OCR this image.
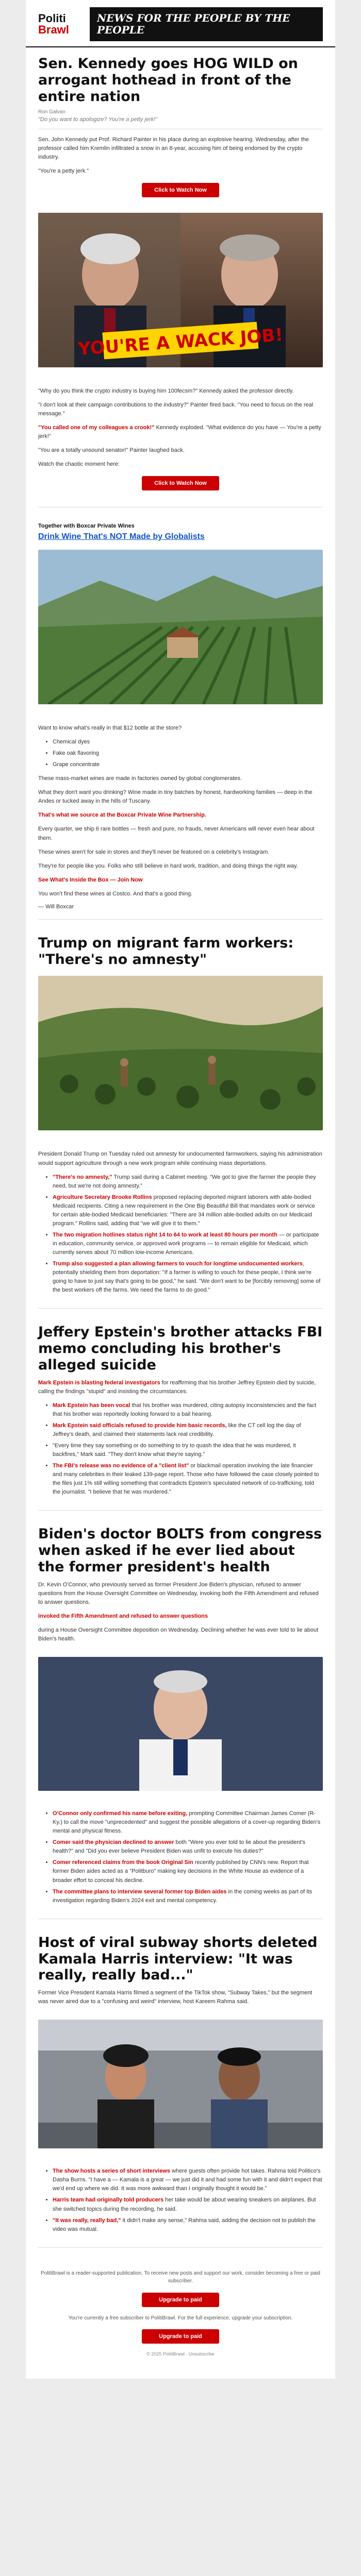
Politi
Brawl
NEWS FOR THE PEOPLE BY THE PEOPLE
Sen. Kennedy goes HOG WILD on arrogant hothead in front of the entire nation
Ron Galvan
"Do you want to apologize? You're a petty jerk!"

Sen. John Kennedy put Prof. Richard Painter in his place during an explosive hearing. Wednesday, after the professor called him Kremlin infiltrated a snow in an 8-year, accusing him of being endorsed by the crypto industry.

"You're a petty jerk."

Click to Watch Now
YOU'RE A WACK JOB!

"Why do you think the crypto industry is buying him 100fecsm?" Kennedy asked the professor directly.

"I don't look at their campaign contributions to the industry?" Painter fired back. "You need to focus on the real message."

"You called one of my colleagues a crook!" Kennedy exploded. "What evidence do you have — You're a petty jerk!"

"You are a totally unsound senator!" Painter laughed back.

Watch the chaotic moment here:

Click to Watch Now
Together with Boxcar Private Wines
Drink Wine That's NOT Made by Globalists

Want to know what's really in that $12 bottle at the store?

• Chemical dyes
• Fake oak flavoring
• Grape concentrate

These mass-market wines are made in factories owned by global conglomerates.

What they don't want you drinking? Wine made in tiny batches by honest, hardworking families — deep in the Andes or tucked away in the hills of Tuscany.

That's what we source at the Boxcar Private Wine Partnership.

Every quarter, we ship 6 rare bottles — fresh and pure, no frauds, never Americans will never even hear about them.

These wines aren't for sale in stores and they'll never be featured on a celebrity's Instagram.

They're for people like you. Folks who still believe in hard work, tradition, and doing things the right way.

See What's Inside the Box — Join Now

You won't find these wines at Costco. And that's a good thing.

— Will Boxcar
Trump on migrant farm workers: "There's no amnesty"

President Donald Trump on Tuesday ruled out amnesty for undocumented farmworkers, saying his administration would support agriculture through a new work program while continuing mass deportations.

• "There's no amnesty," Trump said during a Cabinet meeting. "We got to give the farmer the people they need, but we're not doing amnesty."
• Agriculture Secretary Brooke Rollins proposed replacing deported migrant laborers with able-bodied Medicaid recipients. Citing a new requirement in the One Big Beautiful Bill that mandates work or service for certain able-bodied Medicaid beneficiaries: "There are 34 million able-bodied adults on our Medicaid program." Rollins said, adding that "we will give it to them."
• The two migration hotlines status right 14 to 64 to work at least 80 hours per month — or participate in education, community service, or approved work programs — to remain eligible for Medicaid, which currently serves about 70 million low-income Americans.
• Trump also suggested a plan allowing farmers to vouch for longtime undocumented workers, potentially shielding them from deportation: "If a farmer is willing to vouch for these people, I think we're going to have to just say that's going to be good," he said. "We don't want to be [forcibly removing] some of the best workers off the farms. We need the farms to do good."
Jeffery Epstein's brother attacks FBI memo concluding his brother's alleged suicide

Mark Epstein is blasting federal investigators for reaffirming that his brother Jeffrey Epstein died by suicide, calling the findings "stupid" and insisting the circumstances.

• Mark Epstein has been vocal that his brother was murdered, citing autopsy inconsistencies and the fact that his brother was reportedly looking forward to a bail hearing.
• Mark Epstein said officials refused to provide him basic records, like the CT cell log the day of Jeffrey's death, and claimed their statements lack real credibility.
• "Every time they say something or do something to try to quash the idea that he was murdered, it backfires," Mark said. "They don't know what they're saying."
• The FBI's release was no evidence of a "client list" or blackmail operation involving the late financier and many celebrities in their leaked 139-page report. Those who have followed the case closely pointed to the files just 1% still willing something that contradicts Epstein's speculated network of co-trafficking, told the journalist. "I believe that he was murdered."
Biden's doctor BOLTS from congress when asked if he ever lied about the former president's health

Dr. Kevin O'Connor, who previously served as former President Joe Biden's physician, refused to answer questions from the House Oversight Committee on Wednesday, invoking both the Fifth Amendment and refused to answer questions.

invoked the Fifth Amendment and refused to answer questions

during a House Oversight Committee deposition on Wednesday. Declining whether he was ever told to lie about Biden's health.

• O'Connor only confirmed his name before exiting, prompting Committee Chairman James Comer (R-Ky.) to call the move "unprecedented" and suggest the possible allegations of a cover-up regarding Biden's mental and physical fitness.
• Comer said the physician declined to answer both "Were you ever told to lie about the president's health?" and "Did you ever believe President Biden was unfit to execute his duties?"
• Comer referenced claims from the book Original Sin recently published by CNN's new. Report that former Biden aides acted as a "Politburo" making key decisions in the White House as evidence of a broader effort to conceal his decline.
• The committee plans to interview several former top Biden aides in the coming weeks as part of its investigation regarding Biden's 2024 exit and mental competency.
Host of viral subway shorts deleted Kamala Harris interview: "It was really, really bad..."

Former Vice President Kamala Harris filmed a segment of the TikTok show, "Subway Takes," but the segment was never aired due to a "confusing and weird" interview, host Kareem Rahma said.

• The show hosts a series of short interviews where guests often provide hot takes. Rahma told Politico's Dasha Burns. "I have a — Kamala is a great — we just did it and had some fun with it and didn't expect that we'd end up where we did. It was more awkward than I originally thought it would be."
• Harris team had originally told producers her take would be about wearing sneakers on airplanes. But she switched topics during the recording, he said.
• "It was really, really bad," it didn't make any sense," Rahma said, adding the decision not to publish the video was mutual.

PolitiBrawl is a reader-supported publication. To receive new posts and support our work, consider becoming a free or paid subscriber.

Upgrade to paid

You're currently a free subscriber to PolitiBrawl. For the full experience, upgrade your subscription.

Upgrade to paid

© 2025 PolitiBrawl · Unsubscribe
